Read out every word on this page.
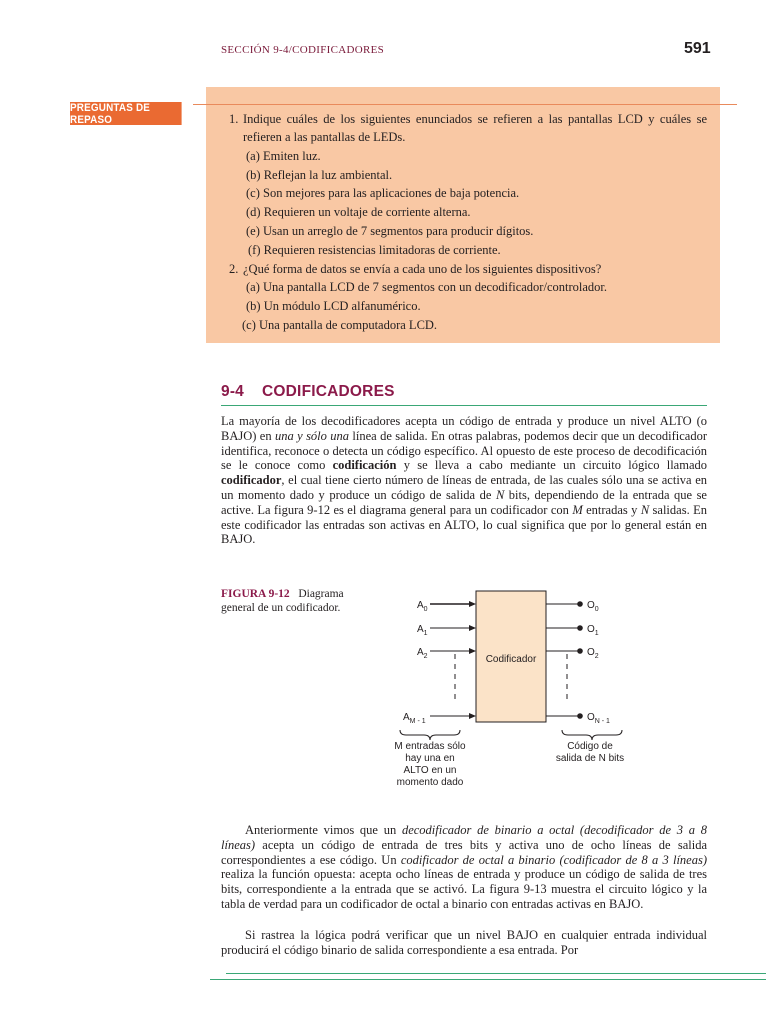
SECCIÓN 9-4/CODIFICADORES	591
PREGUNTAS DE REPASO	1. Indique cuáles de los siguientes enunciados se refieren a las pantallas LCD y cuáles se refieren a las pantallas de LEDs.
(a) Emiten luz.
(b) Reflejan la luz ambiental.
(c) Son mejores para las aplicaciones de baja potencia.
(d) Requieren un voltaje de corriente alterna.
(e) Usan un arreglo de 7 segmentos para producir dígitos.
(f) Requieren resistencias limitadoras de corriente.
2. ¿Qué forma de datos se envía a cada uno de los siguientes dispositivos?
(a) Una pantalla LCD de 7 segmentos con un decodificador/controlador.
(b) Un módulo LCD alfanumérico.
(c) Una pantalla de computadora LCD.
9-4 CODIFICADORES
La mayoría de los decodificadores acepta un código de entrada y produce un nivel ALTO (o BAJO) en una y sólo una línea de salida. En otras palabras, podemos decir que un decodificador identifica, reconoce o detecta un código específico. Al opuesto de este proceso de decodificación se le conoce como codificación y se lleva a cabo mediante un circuito lógico llamado codificador, el cual tiene cierto número de líneas de entrada, de las cuales sólo una se activa en un momento dado y produce un código de salida de N bits, dependiendo de la entrada que se active. La figura 9-12 es el diagrama general para un codificador con M entradas y N salidas. En este codificador las entradas son activas en ALTO, lo cual significa que por lo general están en BAJO.
FIGURA 9-12 Diagrama general de un codificador.
Codificador
$A_0$
$A_1$
$A_2$
$A_{M - 1}$
$O_0$
$O_1$
$O_2$
$O_{N - 1}$
M entradas sólo
hay una en
ALTO en un
momento dado
Código de
salida de N bits
Anteriormente vimos que un decodificador de binario a octal (decodificador de 3 a 8 líneas) acepta un código de entrada de tres bits y activa uno de ocho líneas de salida correspondientes a ese código. Un codificador de octal a binario (codificador de 8 a 3 líneas) realiza la función opuesta: acepta ocho líneas de entrada y produce un código de salida de tres bits, correspondiente a la entrada que se activó. La figura 9-13 muestra el circuito lógico y la tabla de verdad para un codificador de octal a binario con entradas activas en BAJO.
Si rastrea la lógica podrá verificar que un nivel BAJO en cualquier entrada individual producirá el código binario de salida correspondiente a esa entrada. Por
